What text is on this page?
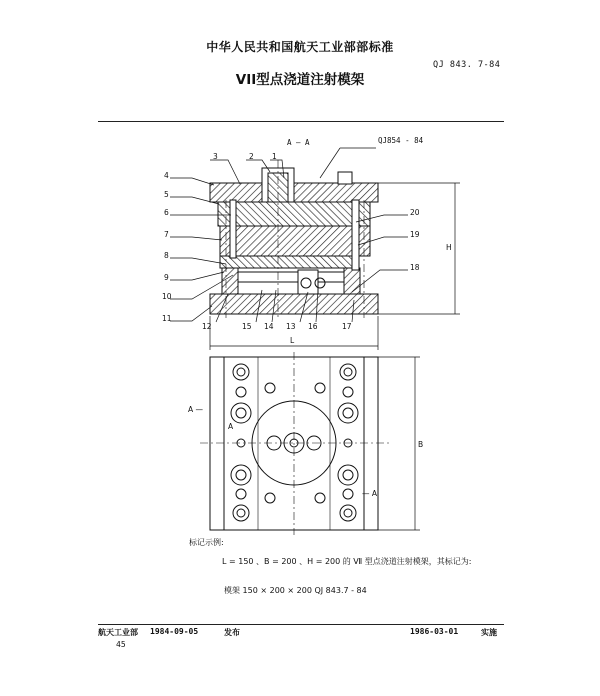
中华人民共和国航天工业部部标准
QJ 843. 7-84
VII型点浇道注射模架
A — A	QJ854 - 84
4
5
6
7
8
9
10
11
3	2 1
12	15 14 13 16	17
18
19
20
H
L
B
A —
— A
A
标记示例:
L = 150 、B = 200 、H = 200 的 Ⅶ 型点浇道注射模架，其标记为:
模架 150 × 200 × 200 QJ 843.7 - 84
航天工业部 1984-09-05	发布	1986-03-01	实施
45
